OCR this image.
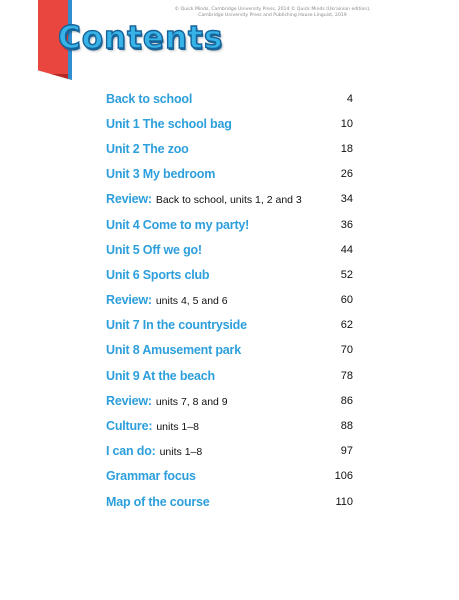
© Quick Minds, Cambridge University Press, 2014 © Quick Minds (Ukrainian edition),
Cambridge University Press and Publishing House Linguist, 2019
Contents
Back to school	4
Unit 1 The school bag	10
Unit 2 The zoo	18
Unit 3 My bedroom	26
Review: Back to school, units 1, 2 and 3	34
Unit 4 Come to my party!	36
Unit 5 Off we go!	44
Unit 6 Sports club	52
Review: units 4, 5 and 6	60
Unit 7 In the countryside	62
Unit 8 Amusement park	70
Unit 9 At the beach	78
Review: units 7, 8 and 9	86
Culture: units 1–8	88
I can do: units 1–8	97
Grammar focus	106
Map of the course	110
